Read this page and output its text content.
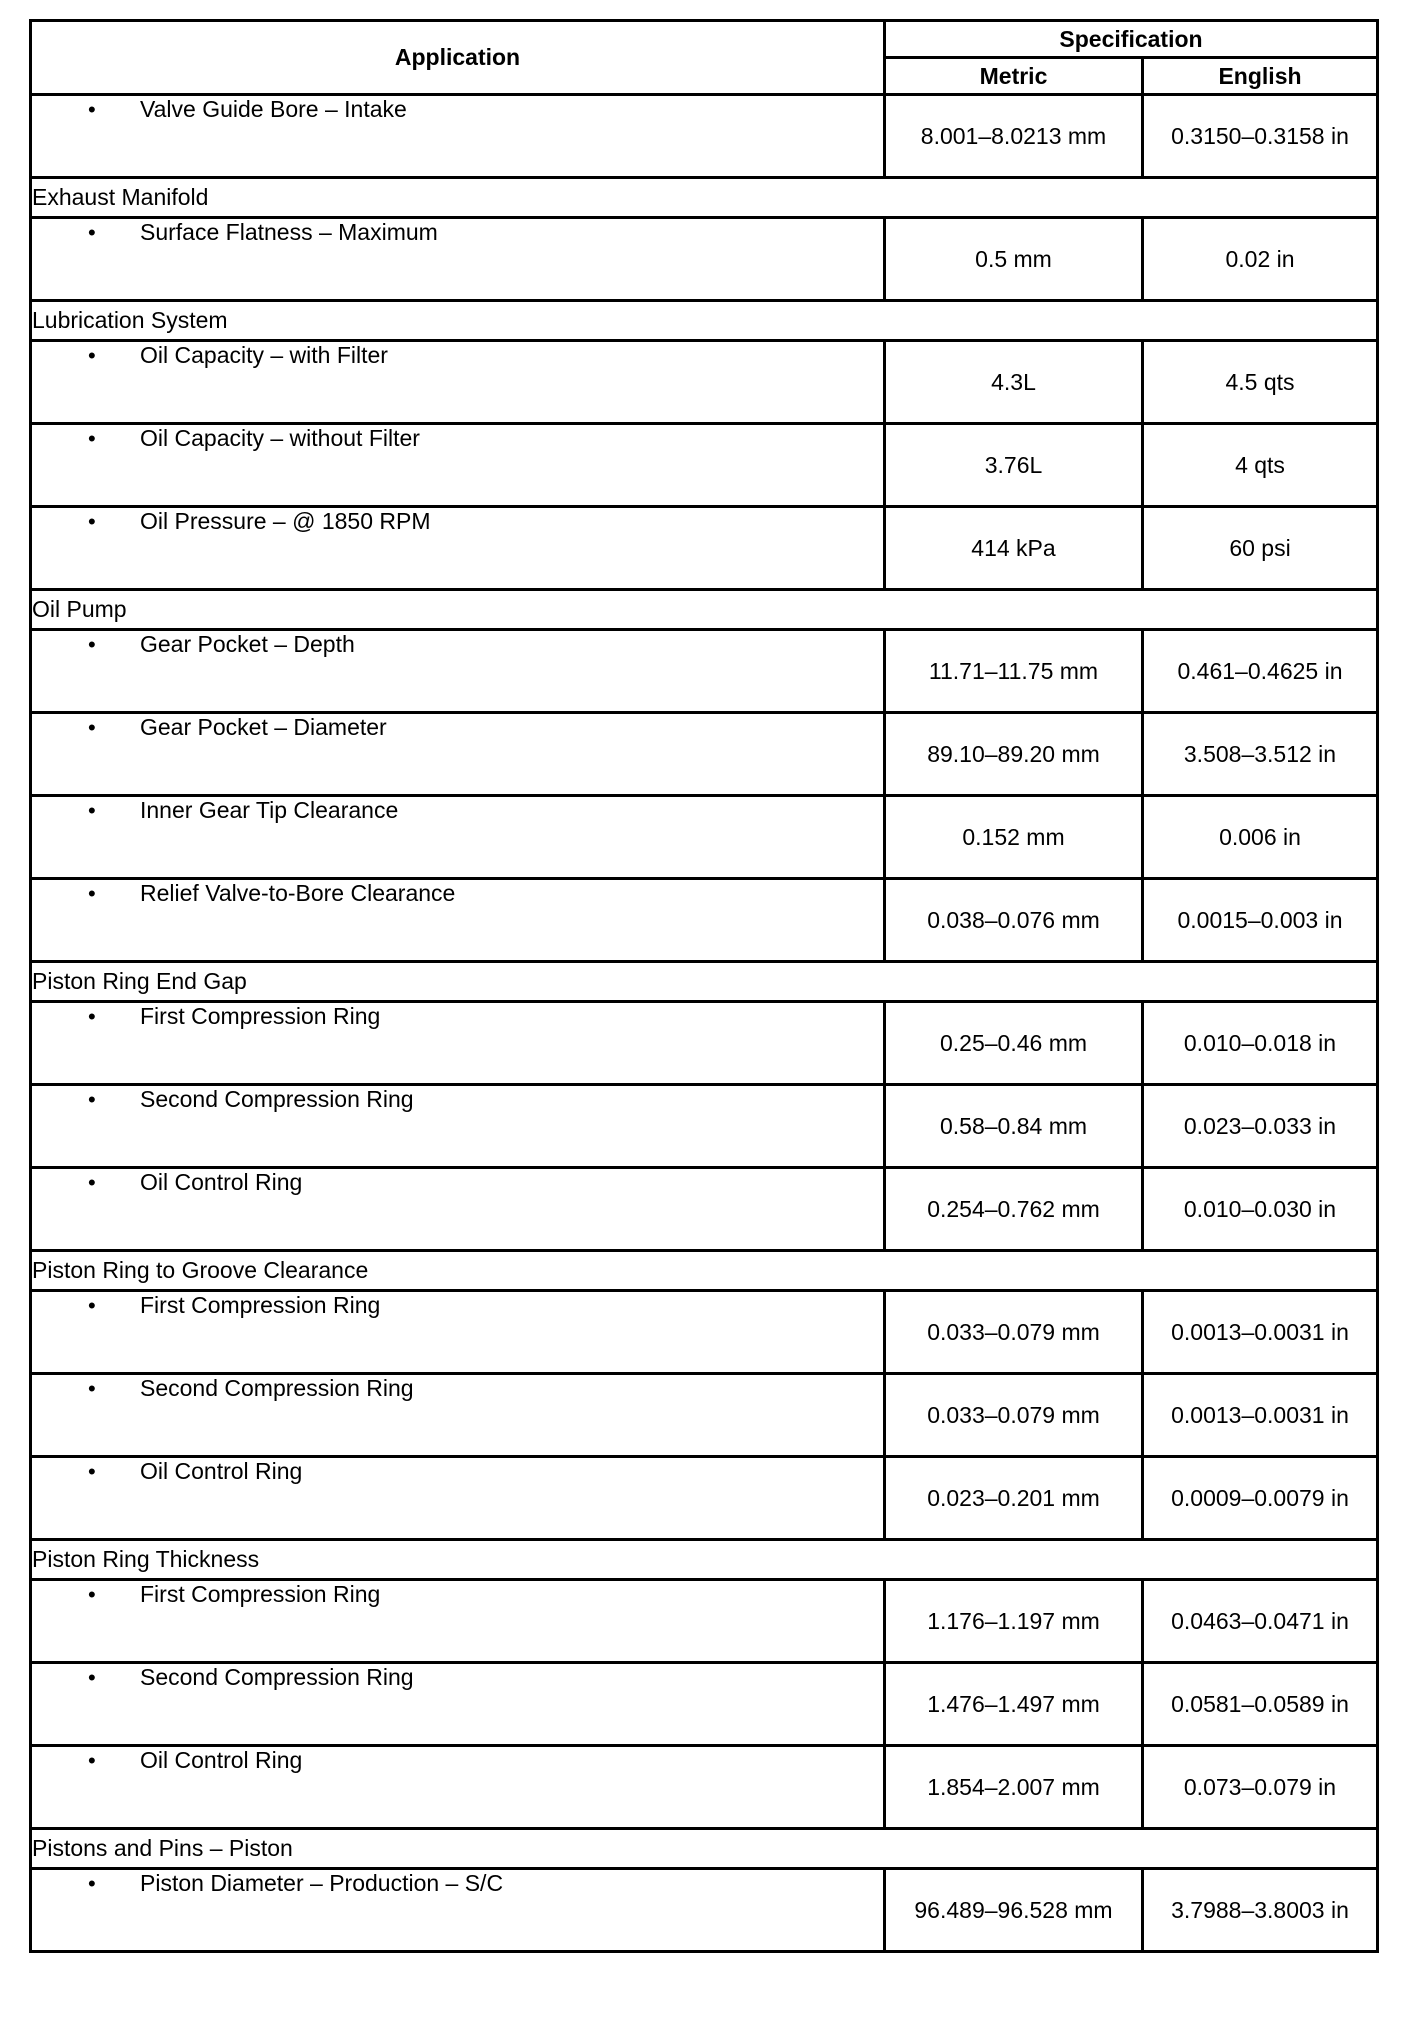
Application	Specification	
	Metric	English
• Valve Guide Bore – Intake	8.001–8.0213 mm	0.3150–0.3158 in
Exhaust Manifold		
• Surface Flatness – Maximum	0.5 mm	0.02 in
Lubrication System		
• Oil Capacity – with Filter	4.3L	4.5 qts
• Oil Capacity – without Filter	3.76L	4 qts
• Oil Pressure – @ 1850 RPM	414 kPa	60 psi
Oil Pump		
• Gear Pocket – Depth	11.71–11.75 mm	0.461–0.4625 in
• Gear Pocket – Diameter	89.10–89.20 mm	3.508–3.512 in
• Inner Gear Tip Clearance	0.152 mm	0.006 in
• Relief Valve-to-Bore Clearance	0.038–0.076 mm	0.0015–0.003 in
Piston Ring End Gap		
• First Compression Ring	0.25–0.46 mm	0.010–0.018 in
• Second Compression Ring	0.58–0.84 mm	0.023–0.033 in
• Oil Control Ring	0.254–0.762 mm	0.010–0.030 in
Piston Ring to Groove Clearance		
• First Compression Ring	0.033–0.079 mm	0.0013–0.0031 in
• Second Compression Ring	0.033–0.079 mm	0.0013–0.0031 in
• Oil Control Ring	0.023–0.201 mm	0.0009–0.0079 in
Piston Ring Thickness		
• First Compression Ring	1.176–1.197 mm	0.0463–0.0471 in
• Second Compression Ring	1.476–1.497 mm	0.0581–0.0589 in
• Oil Control Ring	1.854–2.007 mm	0.073–0.079 in
Pistons and Pins – Piston		
• Piston Diameter – Production – S/C	96.489–96.528 mm	3.7988–3.8003 in
